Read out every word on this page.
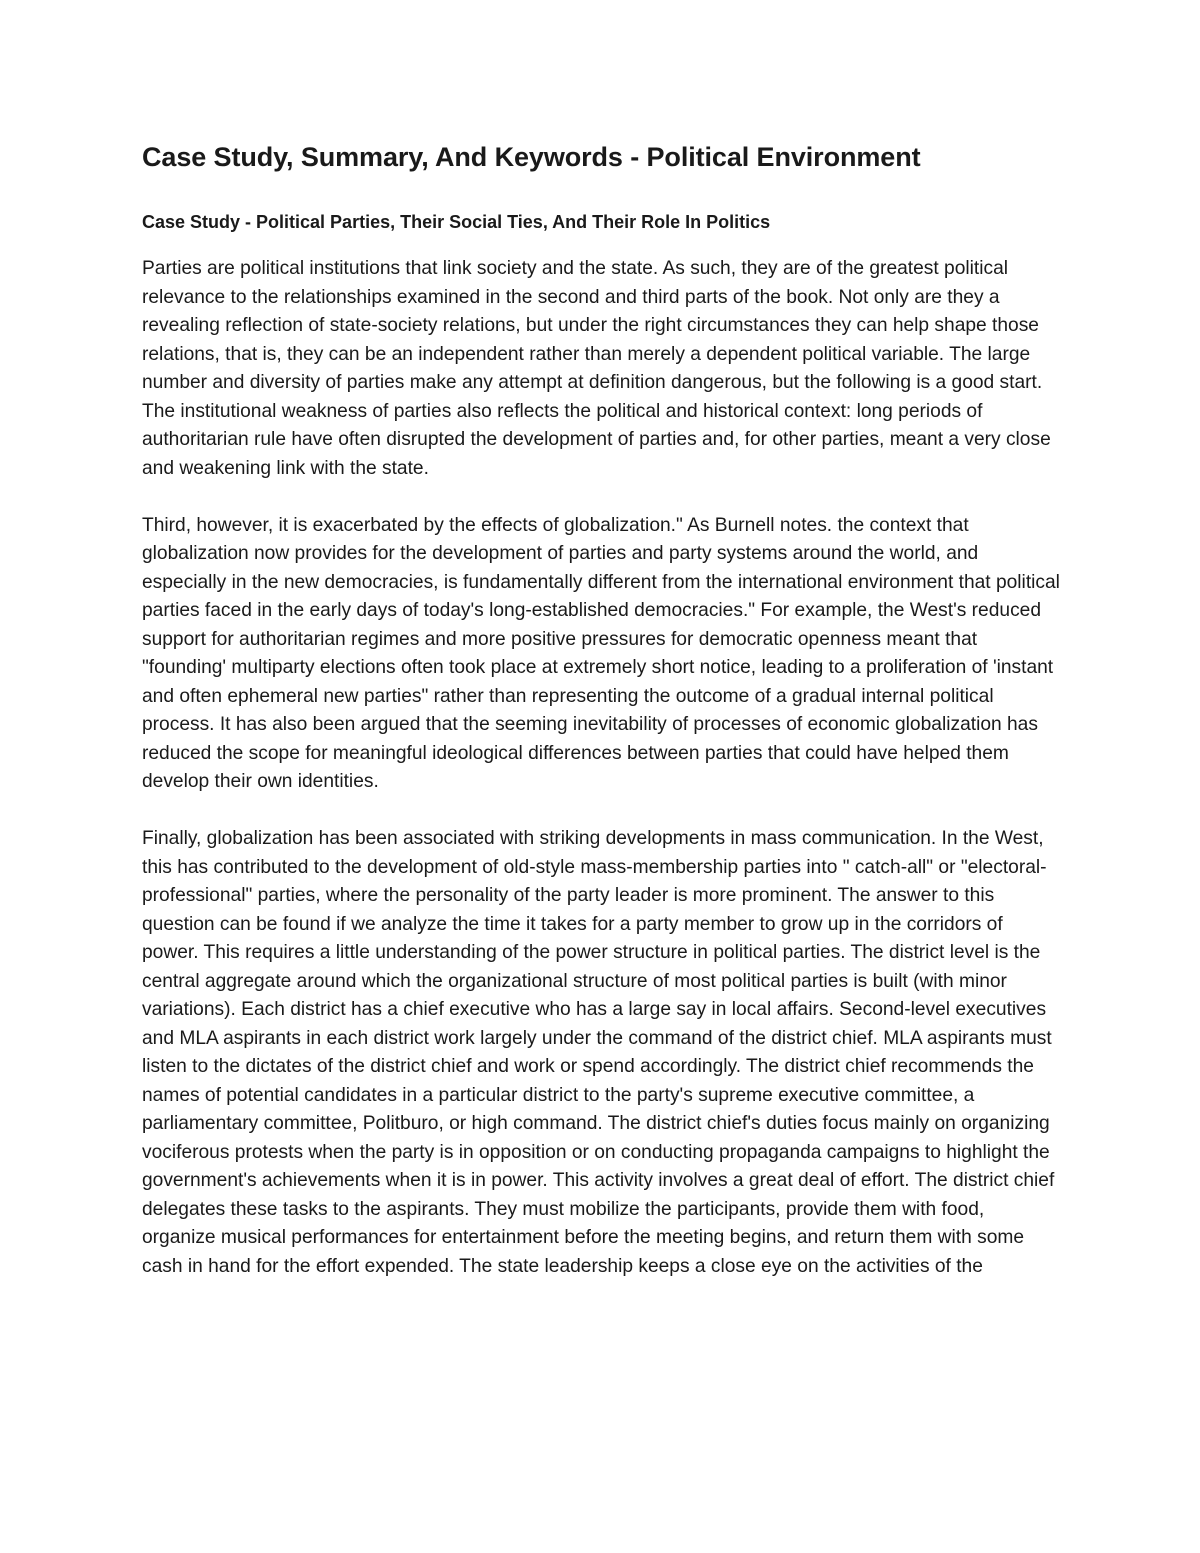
Case Study, Summary, And Keywords - Political Environment
Case Study - Political Parties, Their Social Ties, And Their Role In Politics

Parties are political institutions that link society and the state. As such, they are of the greatest political relevance to the relationships examined in the second and third parts of the book. Not only are they a revealing reflection of state-society relations, but under the right circumstances they can help shape those relations, that is, they can be an independent rather than merely a dependent political variable. The large number and diversity of parties make any attempt at definition dangerous, but the following is a good start. The institutional weakness of parties also reflects the political and historical context: long periods of authoritarian rule have often disrupted the development of parties and, for other parties, meant a very close and weakening link with the state.

Third, however, it is exacerbated by the effects of globalization." As Burnell notes. the context that globalization now provides for the development of parties and party systems around the world, and especially in the new democracies, is fundamentally different from the international environment that political parties faced in the early days of today's long-established democracies." For example, the West's reduced support for authoritarian regimes and more positive pressures for democratic openness meant that "founding' multiparty elections often took place at extremely short notice, leading to a proliferation of 'instant and often ephemeral new parties" rather than representing the outcome of a gradual internal political process. It has also been argued that the seeming inevitability of processes of economic globalization has reduced the scope for meaningful ideological differences between parties that could have helped them develop their own identities.

Finally, globalization has been associated with striking developments in mass communication. In the West, this has contributed to the development of old-style mass-membership parties into " catch-all" or "electoral-professional" parties, where the personality of the party leader is more prominent. The answer to this question can be found if we analyze the time it takes for a party member to grow up in the corridors of power. This requires a little understanding of the power structure in political parties. The district level is the central aggregate around which the organizational structure of most political parties is built (with minor variations). Each district has a chief executive who has a large say in local affairs. Second-level executives and MLA aspirants in each district work largely under the command of the district chief. MLA aspirants must listen to the dictates of the district chief and work or spend accordingly. The district chief recommends the names of potential candidates in a particular district to the party's supreme executive committee, a parliamentary committee, Politburo, or high command. The district chief's duties focus mainly on organizing vociferous protests when the party is in opposition or on conducting propaganda campaigns to highlight the government's achievements when it is in power. This activity involves a great deal of effort. The district chief delegates these tasks to the aspirants. They must mobilize the participants, provide them with food, organize musical performances for entertainment before the meeting begins, and return them with some cash in hand for the effort expended. The state leadership keeps a close eye on the activities of the
